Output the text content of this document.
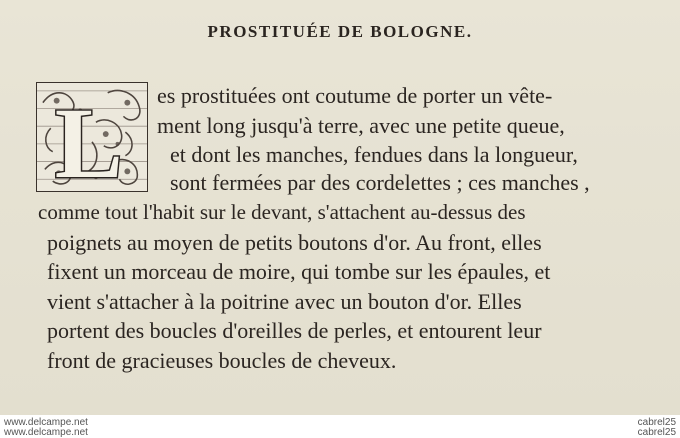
PROSTITUÉE DE BOLOGNE.
L es prostituées ont coutume de porter un vête-
ment long jusqu'à terre, avec une petite queue,
et dont les manches, fendues dans la longueur,
sont fermées par des cordelettes ; ces manches ,
comme tout l'habit sur le devant, s'attachent au-dessus des
poignets au moyen de petits boutons d'or. Au front, elles
fixent un morceau de moire, qui tombe sur les épaules, et
vient s'attacher à la poitrine avec un bouton d'or. Elles
portent des boucles d'oreilles de perles, et entourent leur
front de gracieuses boucles de cheveux.
www.delcampe.net
www.delcampe.net
cabrel25
cabrel25
